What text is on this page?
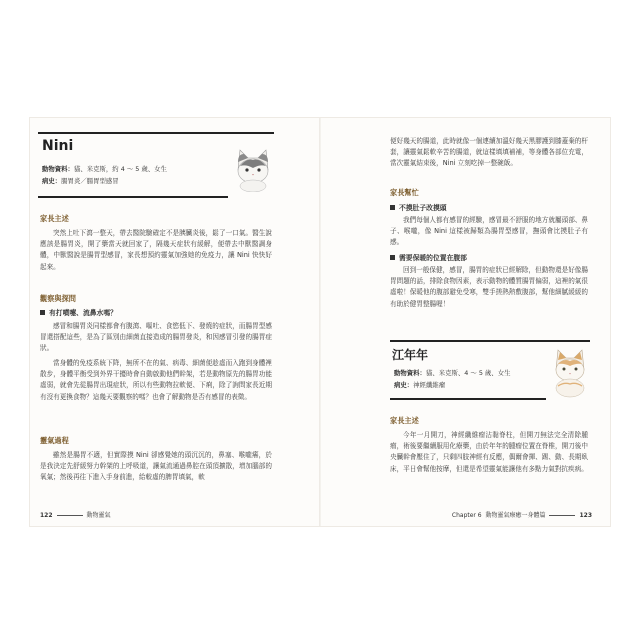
Nini
動物資料：貓、米克斯，約 4 ～ 5 歲、女生
病史：腸胃炎／腸胃型感冒
家長主述
突然上吐下瀉一整天，帶去醫院驗確定不是胰臟炎後，鬆了一口氣。醫生說應該是腸胃炎，開了藥當天就回家了，隔幾天症狀有緩解，便帶去中獸醫調身體，中獸醫說是腸胃型感冒，家長想預約靈氣加強她的免疫力，讓 Nini 快快好起來。
觀察與探問
有打噴嚏、流鼻水嗎？
感冒和腸胃炎同樣都會有腹瀉、嘔吐、食慾低下、發燒的症狀，而腸胃型感冒還搭配這些，是為了區別由細菌直接造成的腸胃發炎，和因感冒引發的腸胃症狀。
當身體的免疫系統下降，無所不在的氣、病毒、細菌便趁虛而入跑到身體裡散步，身體平衡受到外界干擾時會自動啟動他們幹架，若是動物原先的腸胃功能虛弱，就會先從腸胃出現症狀，所以有些動物拉軟便、下痢，除了詢問家長近期有沒有更換食物？這幾天要觀察的嗎？也會了解動物是否有感冒的表徵。
靈氣過程
雖然是腸胃不適，但實際摸 Nini 卻感覺她的頭沉沉的，鼻塞、喉嚨癢，於是我決定先舒緩努力幹架的上呼吸道，讓氣流通過鼻腔在頭頂擴散，增加腦部的氧氣；然後再往下進入手身前進，給較虛的脾胃填氣，軟
122	動物靈氣
便好幾天的腸道，此時就像一個連續加溫好幾天黑膠護到膝蓋棄的杆套，讓靈氣鬆軟辛苦的腸道，就這樣填填補補，等身體各部位充電，當次靈氣結束後，Nini 立刻吃掉一整碗飯。
家長幫忙
不摸肚子改摸頭
我們每個人都有感冒的經驗，感冒最不舒服的地方就屬頭部、鼻子、喉嚨，像 Nini 這樣被歸類為腸胃型感冒，撫頭會比摸肚子有感。
需要保暖的位置在腹部
回到一般保健，感冒，腸胃的症狀已經解除，但動物還是好像腸胃問題的話，排除食物因素，表示動物的體質腸胃偏弱，這裡的氣很虛啦！保暖他的腹部避免受寒，雙手搓熱熱敷腹部，幫他細膩緩緩的有助於健胃整腸喔！
江年年
動物資料：貓、米克斯、4 ～ 5 歲、女生
病史：神經纖維瘤
家長主述
今年一月開刀，神經纖維瘤沾黏脊柱，但開刀無法完全清除腫瘤，術後要繼續服用化療藥，由於年年的腫瘤位置在脊椎，開刀後中央臟幹會壓住了，只剩四肢神經有反應，偶爾會揮、踢、動、長期臥床，平日會幫他按摩，但還是希望靈氣能讓他有多點力氣對抗疾病。
Chapter 6 動物靈氣療癒一身體篇	123
